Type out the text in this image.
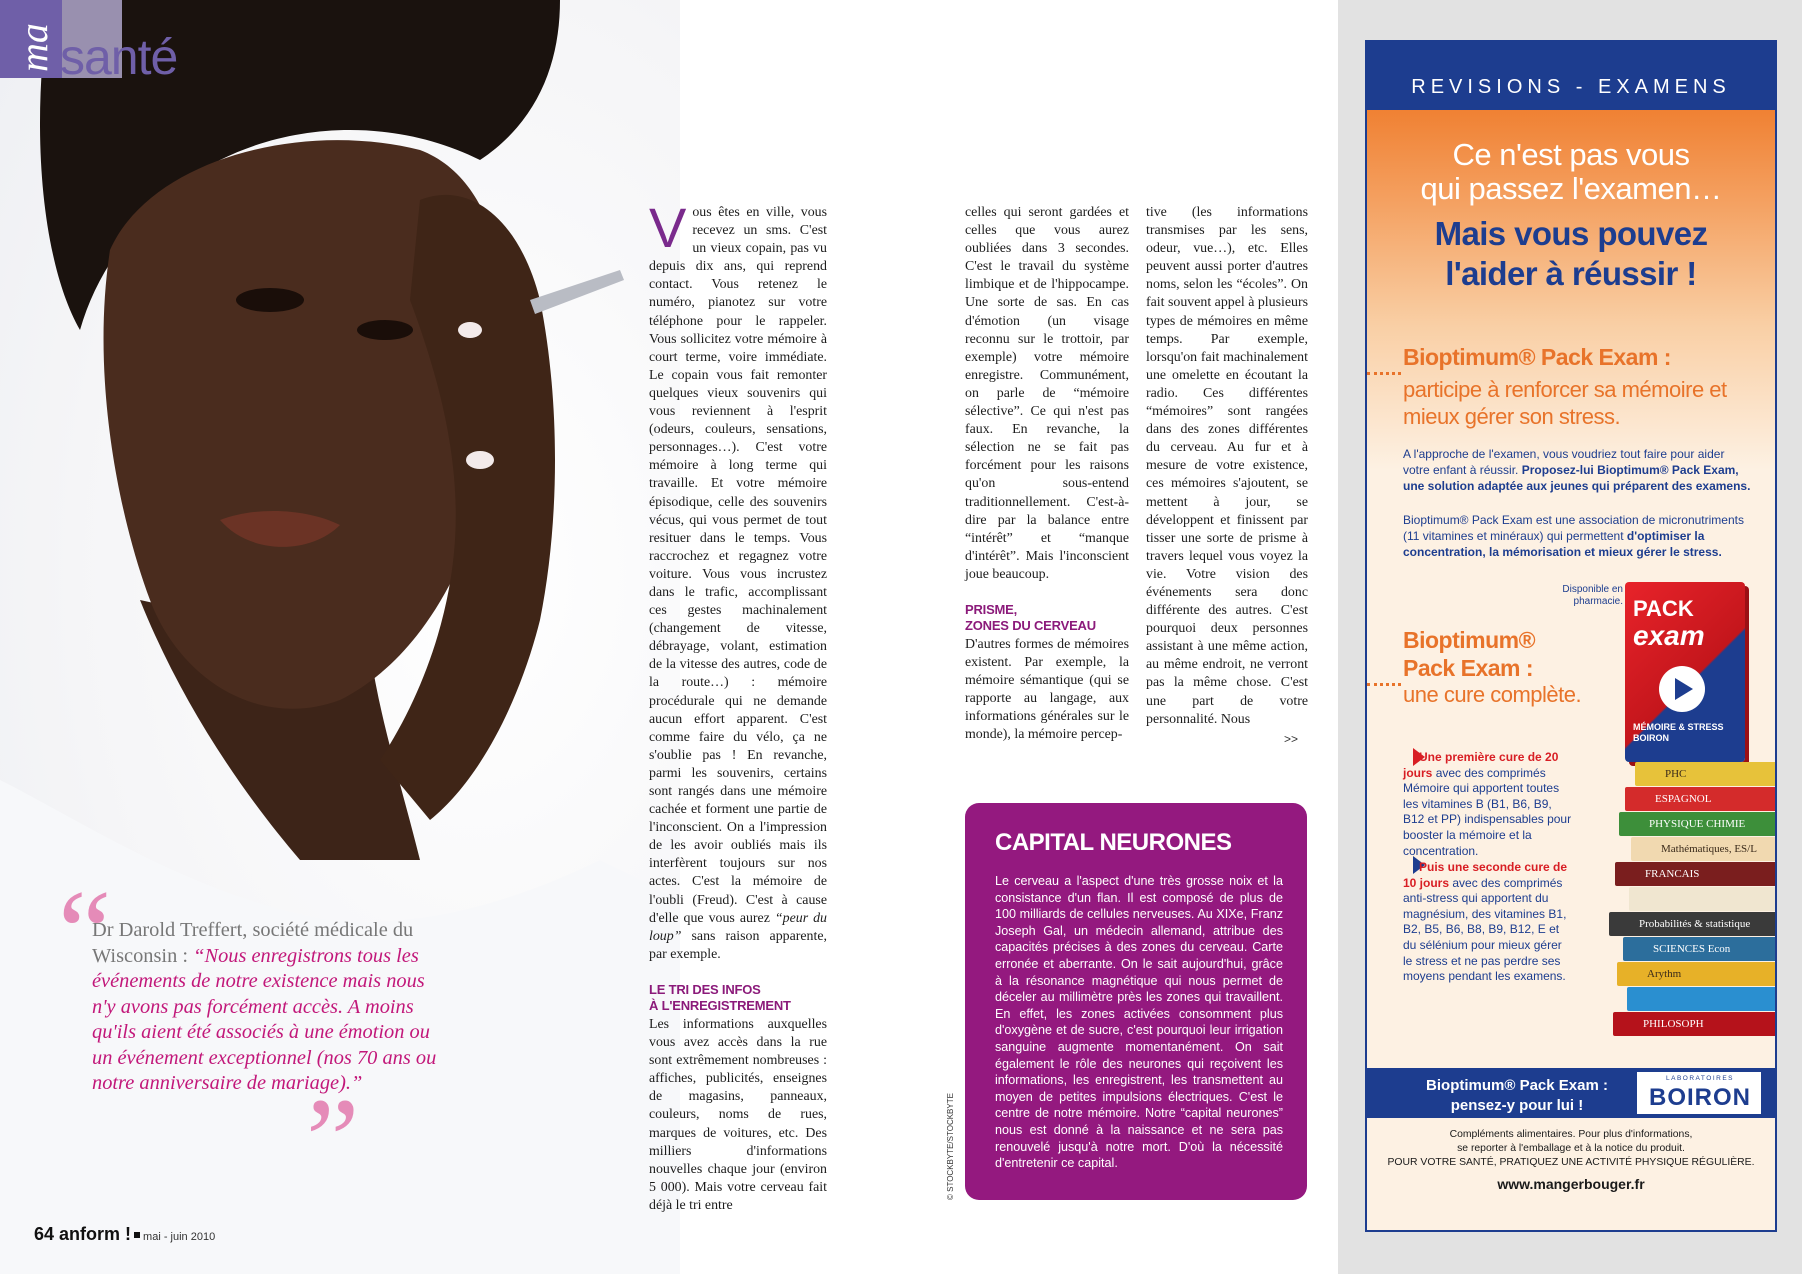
ma santé

Vous êtes en ville, vous recevez un sms. C'est un vieux copain, pas vu depuis dix ans, qui reprend contact. Vous retenez le numéro, pianotez sur votre téléphone pour le rappeler. Vous sollicitez votre mémoire à court terme, voire immédiate. Le copain vous fait remonter quelques vieux souvenirs qui vous reviennent à l'esprit (odeurs, couleurs, sensations, personnages…). C'est votre mémoire à long terme qui travaille. Et votre mémoire épisodique, celle des souvenirs vécus, qui vous permet de tout resituer dans le temps. Vous raccrochez et regagnez votre voiture. Vous vous incrustez dans le trafic, accomplissant ces gestes machinalement (changement de vitesse, débrayage, volant, estimation de la vitesse des autres, code de la route…) : mémoire procédurale qui ne demande aucun effort apparent. C'est comme faire du vélo, ça ne s'oublie pas ! En revanche, parmi les souvenirs, certains sont rangés dans une mémoire cachée et forment une partie de l'inconscient. On a l'impression de les avoir oubliés mais ils interfèrent toujours sur nos actes. C'est la mémoire de l'oubli (Freud). C'est à cause d'elle que vous aurez “peur du loup” sans raison apparente, par exemple.

LE TRI DES INFOS
À L'ENREGISTREMENT

Les informations auxquelles vous avez accès dans la rue sont extrêmement nombreuses : affiches, publicités, enseignes de magasins, panneaux, couleurs, noms de rues, marques de voitures, etc. Des milliers d'informations nouvelles chaque jour (environ 5 000). Mais votre cerveau fait déjà le tri entre

celles qui seront gardées et celles que vous aurez oubliées dans 3 secondes. C'est le travail du système limbique et de l'hippocampe. Une sorte de sas. En cas d'émotion (un visage reconnu sur le trottoir, par exemple) votre mémoire enregistre. Communément, on parle de “mémoire sélective”. Ce qui n'est pas faux. En revanche, la sélection ne se fait pas forcément pour les raisons qu'on sous-entend traditionnellement. C'est-à-dire par la balance entre “intérêt” et “manque d'intérêt”. Mais l'inconscient joue beaucoup.

PRISME,
ZONES DU CERVEAU

D'autres formes de mémoires existent. Par exemple, la mémoire sémantique (qui se rapporte au langage, aux informations générales sur le monde), la mémoire percep-

tive (les informations transmises par les sens, odeur, vue…), etc. Elles peuvent aussi porter d'autres noms, selon les “écoles”. On fait souvent appel à plusieurs types de mémoires en même temps. Par exemple, lorsqu'on fait machinalement une omelette en écoutant la radio. Ces différentes “mémoires” sont rangées dans des zones différentes du cerveau. Au fur et à mesure de votre existence, ces mémoires s'ajoutent, se mettent à jour, se développent et finissent par tisser une sorte de prisme à travers lequel vous voyez la vie. Votre vision des événements sera donc différente des autres. C'est pourquoi deux personnes assistant à une même action, au même endroit, ne verront pas la même chose. C'est une part de votre personnalité. Nous

>>
CAPITAL NEURONES
Le cerveau a l'aspect d'une très grosse noix et la consistance d'un flan. Il est composé de plus de 100 milliards de cellules nerveuses. Au XIXe, Franz Joseph Gal, un médecin allemand, attribue des capacités précises à des zones du cerveau. Carte erronée et aberrante. On le sait aujourd'hui, grâce à la résonance magnétique qui nous permet de déceler au millimètre près les zones qui travaillent. En effet, les zones activées consomment plus d'oxygène et de sucre, c'est pourquoi leur irrigation sanguine augmente momentanément. On sait également le rôle des neurones qui reçoivent les informations, les enregistrent, les transmettent au moyen de petites impulsions électriques. C'est le centre de notre mémoire. Notre “capital neurones” nous est donné à la naissance et ne sera pas renouvelé jusqu'à notre mort. D'où la nécessité d'entretenir ce capital.
© STOCKBYTE/STOCKBYTE
“
Dr Darold Treffert, société médicale du Wisconsin : “Nous enregistrons tous les événements de notre existence mais nous n'y avons pas forcément accès. A moins qu'ils aient été associés à une émotion ou un événement exceptionnel (nos 70 ans ou notre anniversaire de mariage).”
”
64 anform ! mai - juin 2010
REVISIONS - EXAMENS
Ce n'est pas vous
qui passez l'examen…
Mais vous pouvez
l'aider à réussir !
Bioptimum® Pack Exam :
participe à renforcer sa mémoire et mieux gérer son stress.
A l'approche de l'examen, vous voudriez tout faire pour aider votre enfant à réussir. Proposez-lui Bioptimum® Pack Exam, une solution adaptée aux jeunes qui préparent des examens.
Bioptimum® Pack Exam est une association de micronutriments (11 vitamines et minéraux) qui permettent d'optimiser la concentration, la mémorisation et mieux gérer le stress.
Disponible en pharmacie. PACK
exam
MÉMOIRE & STRESS
BOIRON
PHC
ESPAGNOL
PHYSIQUE CHIMIE
Mathématiques, ES/L
FRANCAIS
Probabilités & statistique
SCIENCES Econ
Arythm
PHILOSOPH
Bioptimum®
Pack Exam :
une cure complète.
Une première cure de 20 jours avec des comprimés Mémoire qui apportent toutes les vitamines B (B1, B6, B9, B12 et PP) indispensables pour booster la mémoire et la concentration.
Puis une seconde cure de 10 jours avec des comprimés anti-stress qui apportent du magnésium, des vitamines B1, B2, B5, B6, B8, B9, B12, E et du sélénium pour mieux gérer le stress et ne pas perdre ses moyens pendant les examens.
Bioptimum® Pack Exam :
pensez-y pour lui !
LABORATOIRES
BOIRON
Compléments alimentaires. Pour plus d'informations,
se reporter à l'emballage et à la notice du produit.
POUR VOTRE SANTÉ, PRATIQUEZ UNE ACTIVITÉ PHYSIQUE RÉGULIÈRE.
www.mangerbouger.fr
